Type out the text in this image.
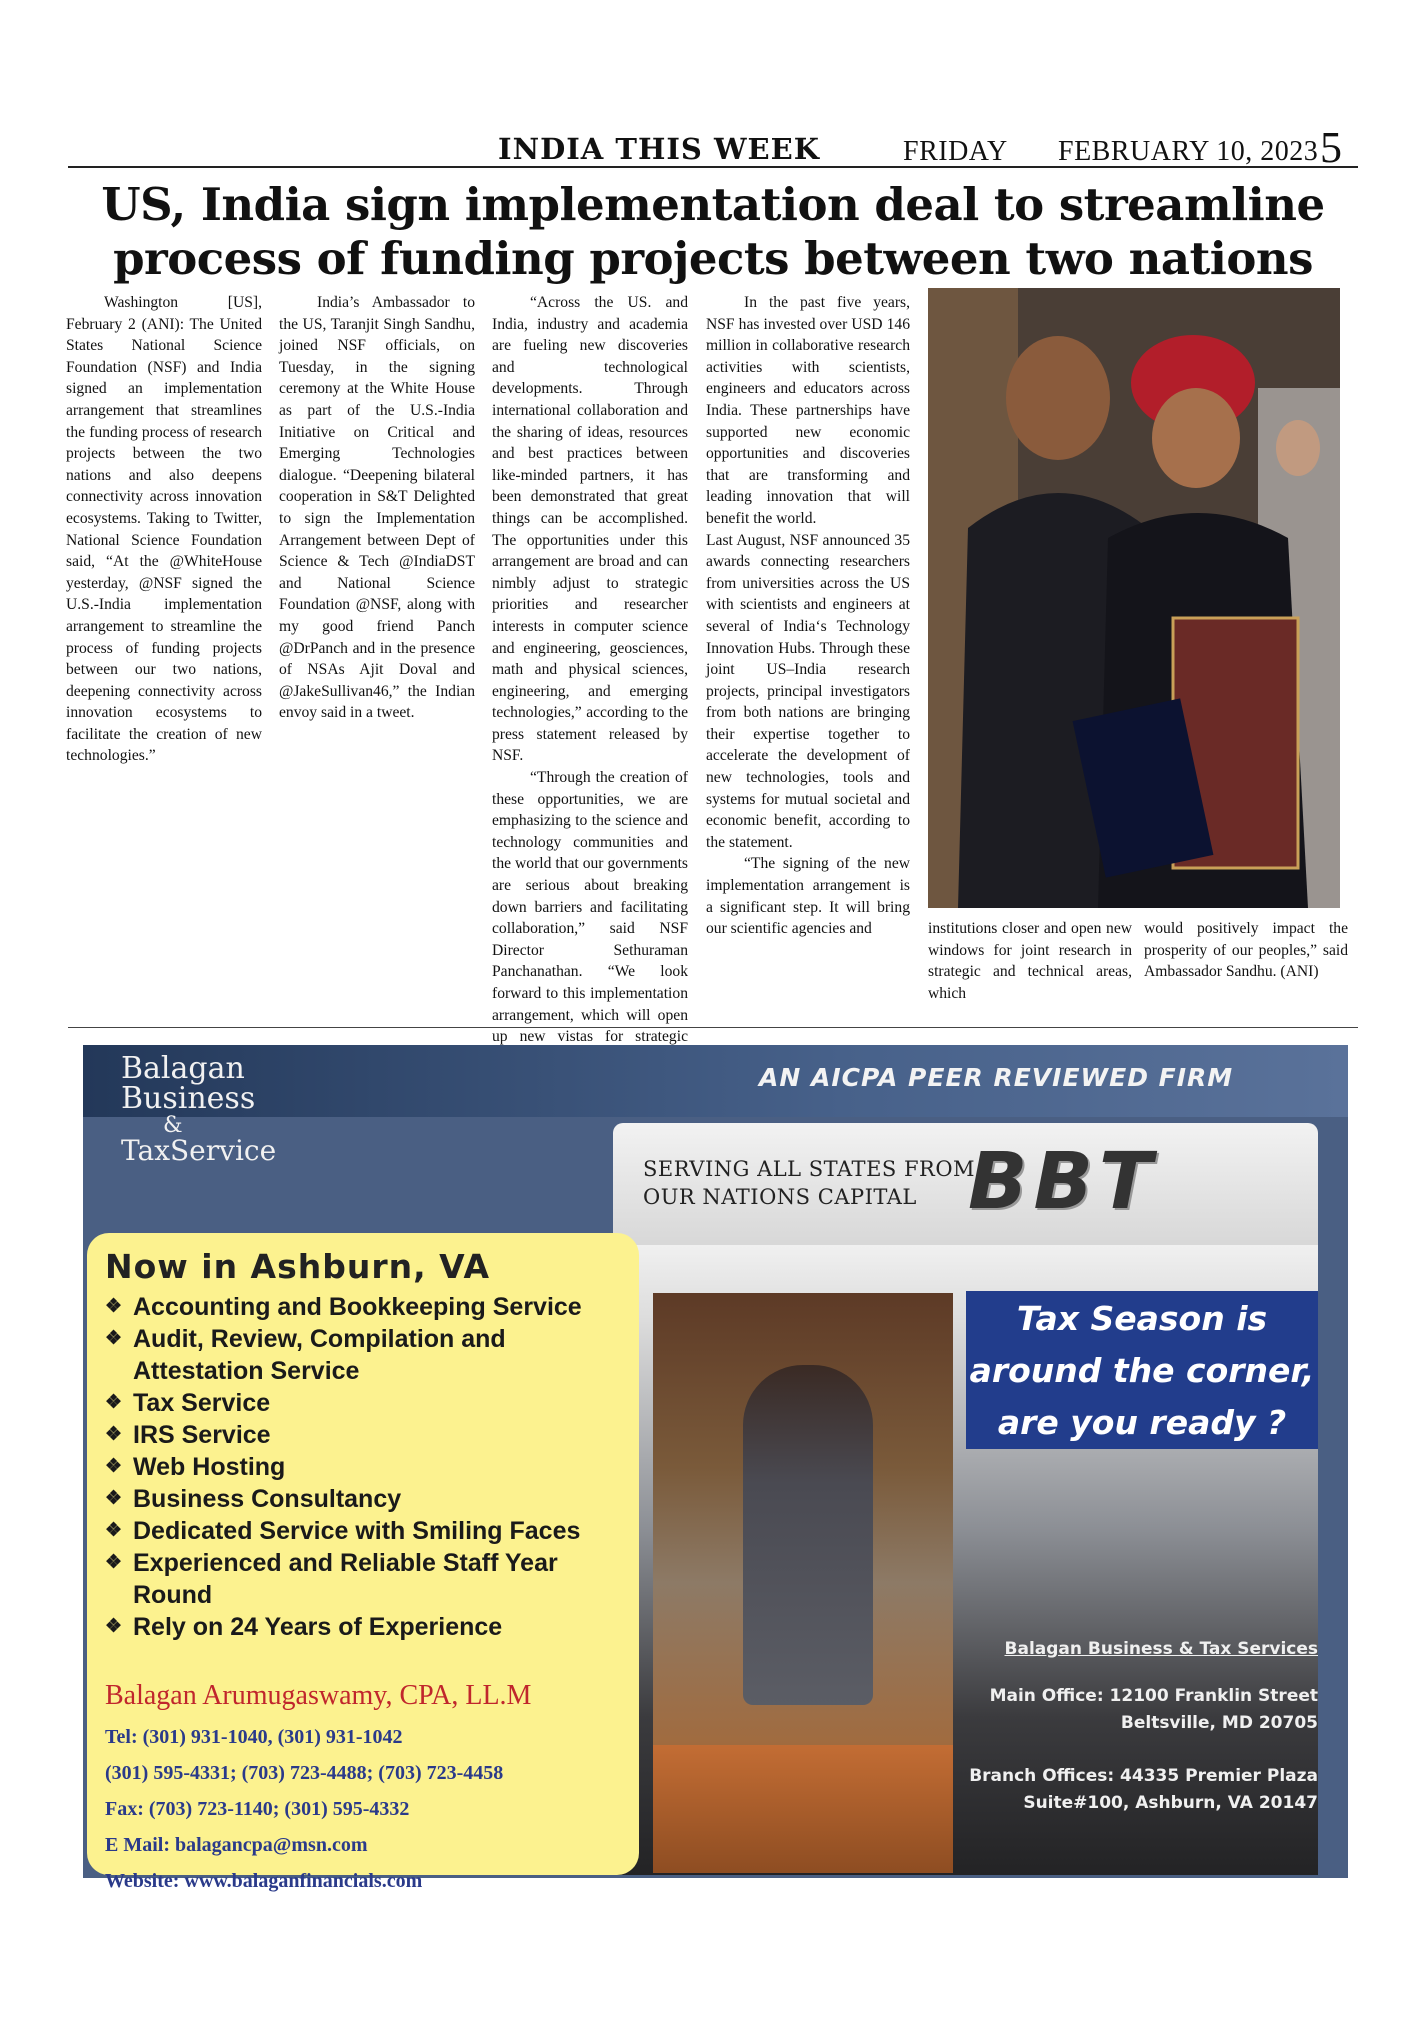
INDIA THIS WEEK	FRIDAY FEBRUARY 10, 2023 5
US, India sign implementation deal to streamline process of funding projects between two nations

Washington [US], February 2 (ANI): The United States National Science Foundation (NSF) and India signed an implementation arrangement that streamlines the funding process of research projects between the two nations and also deepens connectivity across innovation ecosystems. Taking to Twitter, National Science Foundation said, “At the @WhiteHouse yesterday, @NSF signed the U.S.-India implementation arrangement to streamline the process of funding projects between our two nations, deepening connectivity across innovation ecosystems to facilitate the creation of new technologies.”

India’s Ambassador to the US, Taranjit Singh Sandhu, joined NSF officials, on Tuesday, in the signing ceremony at the White House as part of the U.S.-India Initiative on Critical and Emerging Technologies dialogue. “Deepening bilateral cooperation in S&T Delighted to sign the Implementation Arrangement between Dept of Science & Tech @IndiaDST and National Science Foundation @NSF, along with my good friend Panch @DrPanch and in the presence of NSAs Ajit Doval and @JakeSullivan46,” the Indian envoy said in a tweet.

“Across the US. and India, industry and academia are fueling new discoveries and technological developments. Through international collaboration and the sharing of ideas, resources and best practices between like-minded partners, it has been demonstrated that great things can be accomplished. The opportunities under this arrangement are broad and can nimbly adjust to strategic priorities and researcher interests in computer science and engineering, geosciences, math and physical sciences, engineering, and emerging technologies,” according to the press statement released by NSF.

“Through the creation of these opportunities, we are emphasizing to the science and technology communities and the world that our governments are serious about breaking down barriers and facilitating collaboration,” said NSF Director Sethuraman Panchanathan. “We look forward to this implementation arrangement, which will open up new vistas for strategic

In the past five years, NSF has invested over USD 146 million in collaborative research activities with scientists, engineers and educators across India. These partnerships have supported new economic opportunities and discoveries that are transforming and leading innovation that will benefit the world.

Last August, NSF announced 35 awards connecting researchers from universities across the US with scientists and engineers at several of India‘s Technology Innovation Hubs. Through these joint US–India research projects, principal investigators from both nations are bringing their expertise together to accelerate the development of new technologies, tools and systems for mutual societal and economic benefit, according to the statement.

“The signing of the new implementation arrangement is a significant step. It will bring our scientific agencies and	institutions closer and open new windows for joint research in strategic and technical areas, which

would positively impact the prosperity of our peoples,” said Ambassador Sandhu. (ANI)

Balagan
Business
&
TaxService
AN AICPA PEER REVIEWED FIRM
SERVING ALL STATES FROM OUR NATIONS CAPITAL BBT
Tax Season is
around the corner,
are you ready ?
Now in Ashburn, VA
❖ Accounting and Bookkeeping Service
❖ Audit, Review, Compilation and Attestation Service
❖ Tax Service
❖ IRS Service
❖ Web Hosting
❖ Business Consultancy
❖ Dedicated Service with Smiling Faces
❖ Experienced and Reliable Staff Year Round
❖ Rely on 24 Years of Experience
Balagan Arumugaswamy, CPA, LL.M
Tel: (301) 931-1040, (301) 931-1042
(301) 595-4331; (703) 723-4488; (703) 723-4458
Fax: (703) 723-1140; (301) 595-4332
E Mail: balagancpa@msn.com
Website: www.balaganfinancials.com
Balagan Business & Tax Services
Main Office: 12100 Franklin Street
Beltsville, MD 20705
Branch Offices: 44335 Premier Plaza
Suite#100, Ashburn, VA 20147
